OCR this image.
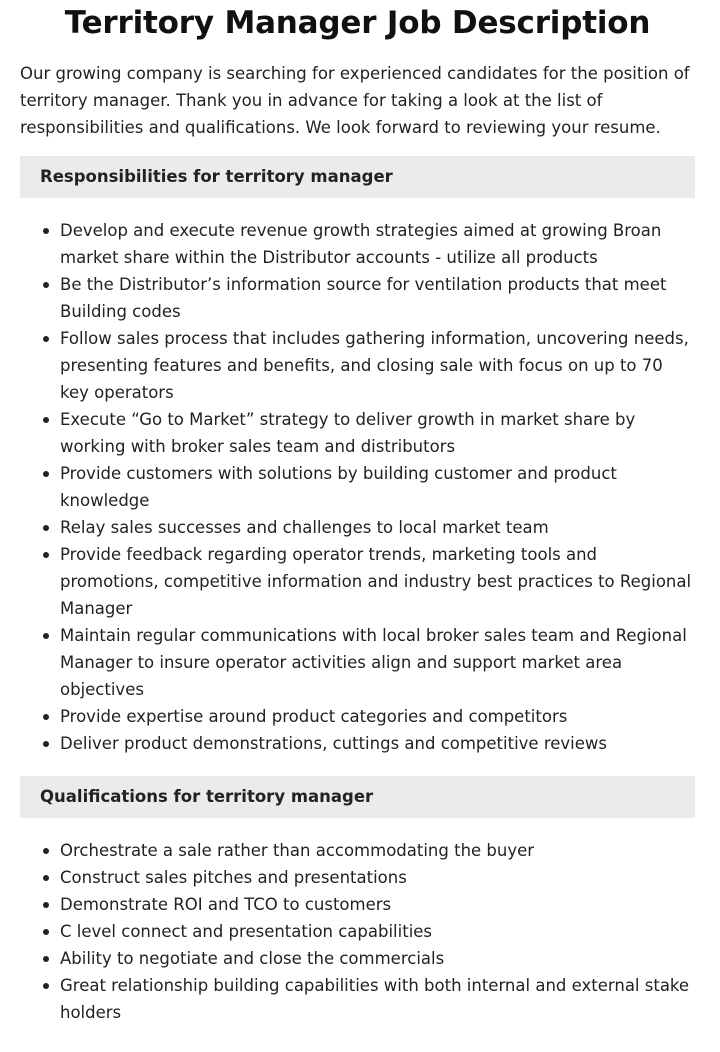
Territory Manager Job Description

Our growing company is searching for experienced candidates for the position of territory manager. Thank you in advance for taking a look at the list of responsibilities and qualifications. We look forward to reviewing your resume.

Responsibilities for territory manager
Develop and execute revenue growth strategies aimed at growing Broan market share within the Distributor accounts - utilize all products
Be the Distributor’s information source for ventilation products that meet Building codes
Follow sales process that includes gathering information, uncovering needs, presenting features and benefits, and closing sale with focus on up to 70 key operators
Execute “Go to Market” strategy to deliver growth in market share by working with broker sales team and distributors
Provide customers with solutions by building customer and product knowledge
Relay sales successes and challenges to local market team
Provide feedback regarding operator trends, marketing tools and promotions, competitive information and industry best practices to Regional Manager
Maintain regular communications with local broker sales team and Regional Manager to insure operator activities align and support market area objectives
Provide expertise around product categories and competitors
Deliver product demonstrations, cuttings and competitive reviews
Qualifications for territory manager
Orchestrate a sale rather than accommodating the buyer
Construct sales pitches and presentations
Demonstrate ROI and TCO to customers
C level connect and presentation capabilities
Ability to negotiate and close the commercials
Great relationship building capabilities with both internal and external stake holders
